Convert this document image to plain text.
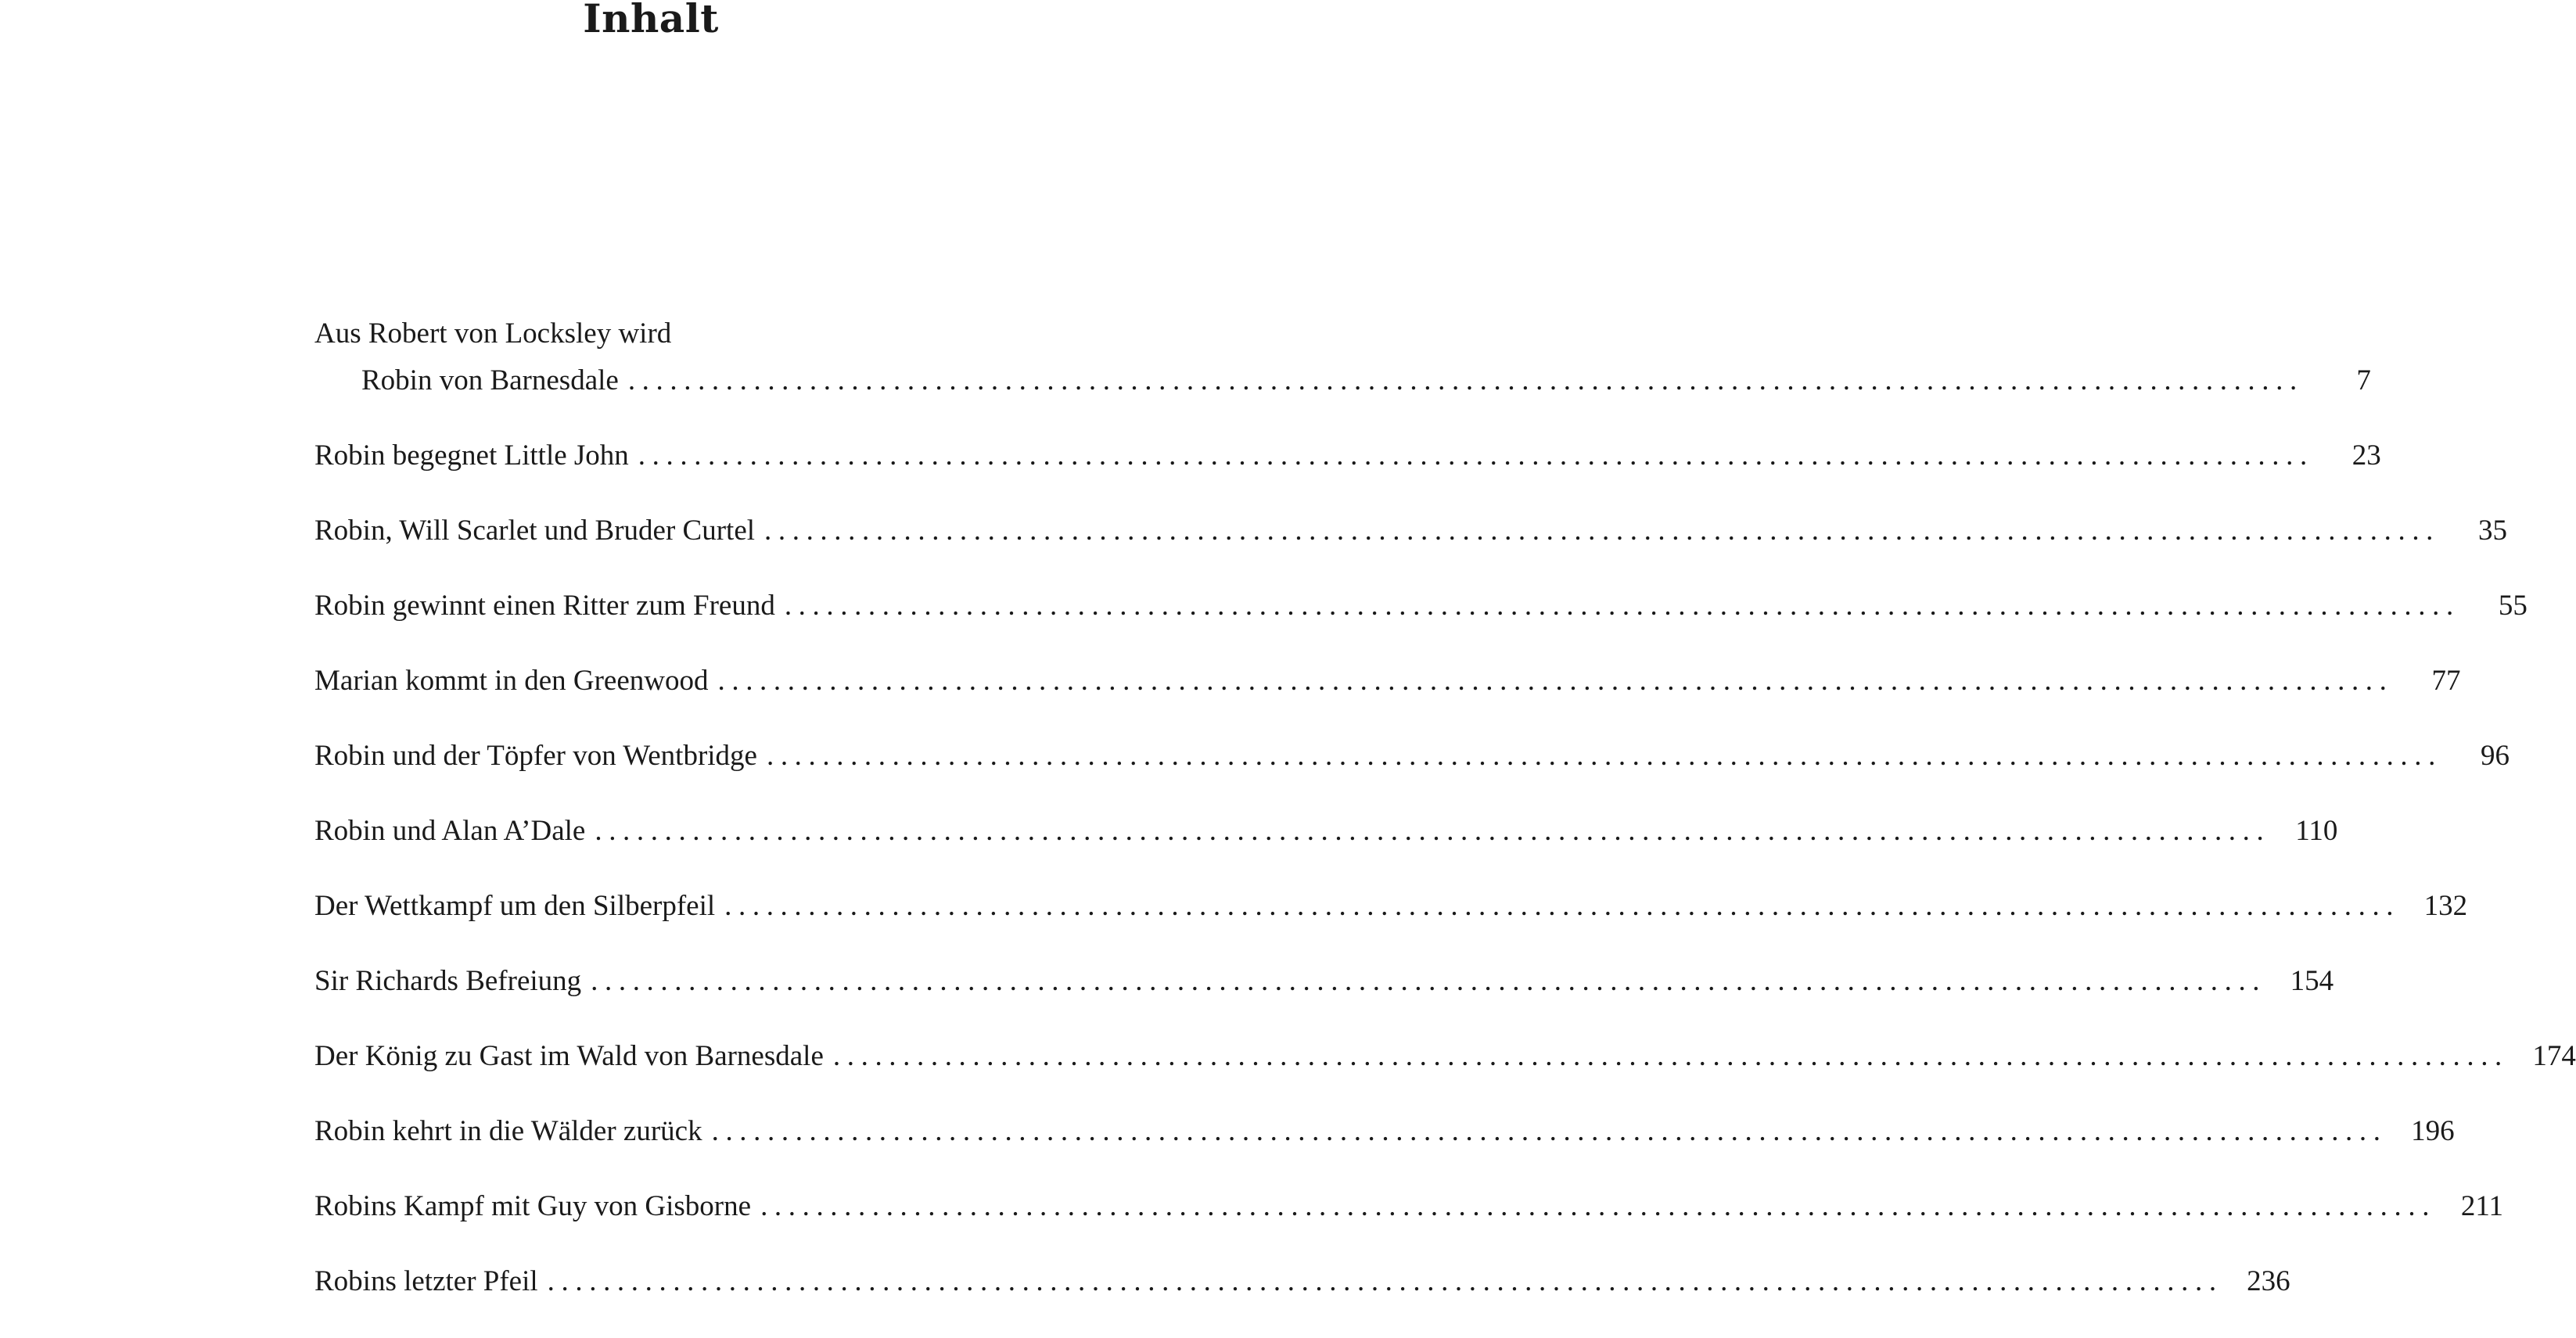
Inhalt
Aus Robert von Locksley wird
Robin von Barnesdale ........................................................................................................................	7
Robin begegnet Little John ........................................................................................................................	23
Robin, Will Scarlet und Bruder Curtel ........................................................................................................................	35
Robin gewinnt einen Ritter zum Freund ........................................................................................................................	55
Marian kommt in den Greenwood ........................................................................................................................	77
Robin und der Töpfer von Wentbridge ........................................................................................................................	96
Robin und Alan A’Dale ........................................................................................................................ 110
Der Wettkampf um den Silberpfeil ........................................................................................................................ 132
Sir Richards Befreiung ........................................................................................................................ 154
Der König zu Gast im Wald von Barnesdale ........................................................................................................................ 174
Robin kehrt in die Wälder zurück ........................................................................................................................ 196
Robins Kampf mit Guy von Gisborne ........................................................................................................................ 211
Robins letzter Pfeil ........................................................................................................................ 236
